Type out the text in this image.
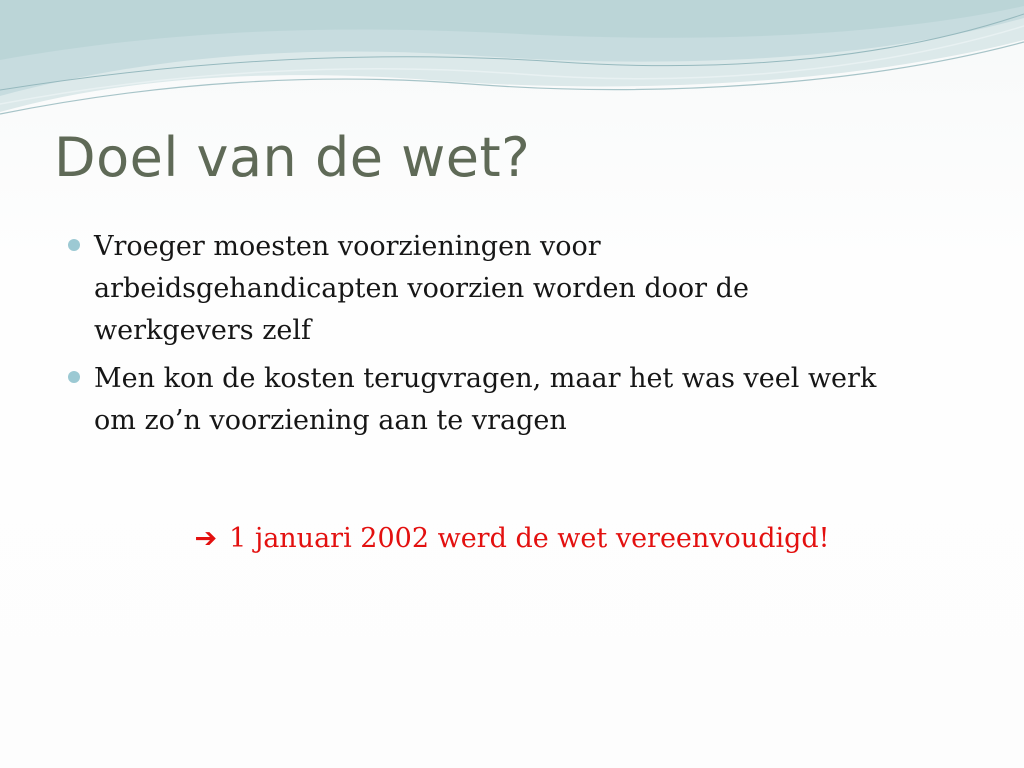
Doel van de wet?
Vroeger moesten voorzieningen voor arbeidsgehandicapten voorzien worden door de werkgevers zelf
Men kon de kosten terugvragen, maar het was veel werk om zo’n voorziening aan te vragen
➔ 1 januari 2002 werd de wet vereenvoudigd!
